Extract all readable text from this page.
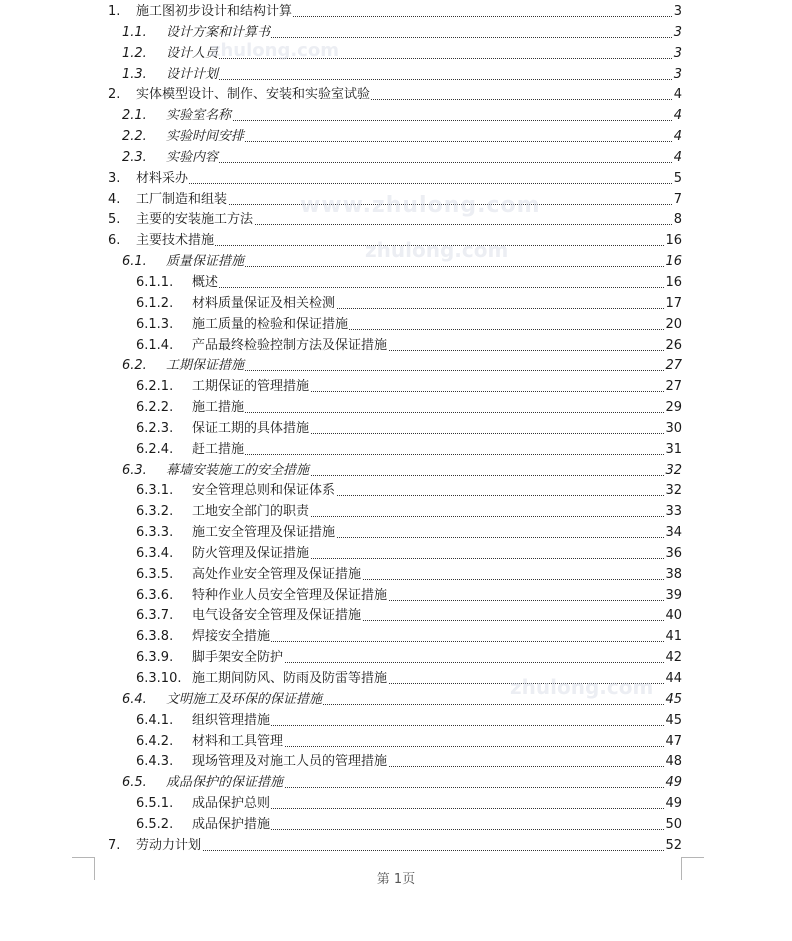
1. 施工图初步设计和结构计算	3
1.1. 设计方案和计算书	3
1.2. 设计人员	3
1.3. 设计计划	3
2. 实体模型设计、制作、安装和实验室试验	4
2.1. 实验室名称	4
2.2. 实验时间安排	4
2.3. 实验内容	4
3. 材料采办	5
4. 工厂制造和组装	7
5. 主要的安装施工方法	8
6. 主要技术措施	16
6.1. 质量保证措施	16
6.1.1. 概述	16
6.1.2. 材料质量保证及相关检测	17
6.1.3. 施工质量的检验和保证措施	20
6.1.4. 产品最终检验控制方法及保证措施	26
6.2. 工期保证措施	27
6.2.1. 工期保证的管理措施	27
6.2.2. 施工措施	29
6.2.3. 保证工期的具体措施	30
6.2.4. 赶工措施	31
6.3. 幕墙安装施工的安全措施	32
6.3.1. 安全管理总则和保证体系	32
6.3.2. 工地安全部门的职责	33
6.3.3. 施工安全管理及保证措施	34
6.3.4. 防火管理及保证措施	36
6.3.5. 高处作业安全管理及保证措施	38
6.3.6. 特种作业人员安全管理及保证措施	39
6.3.7. 电气设备安全管理及保证措施	40
6.3.8. 焊接安全措施	41
6.3.9. 脚手架安全防护	42
6.3.10. 施工期间防风、防雨及防雷等措施	44
6.4. 文明施工及环保的保证措施	45
6.4.1. 组织管理措施	45
6.4.2. 材料和工具管理	47
6.4.3. 现场管理及对施工人员的管理措施	48
6.5. 成品保护的保证措施	49
6.5.1. 成品保护总则	49
6.5.2. 成品保护措施	50
7. 劳动力计划	52
第 1页
zhulong.com
www.zhulong.com
zhulong.com
zhulong.com
